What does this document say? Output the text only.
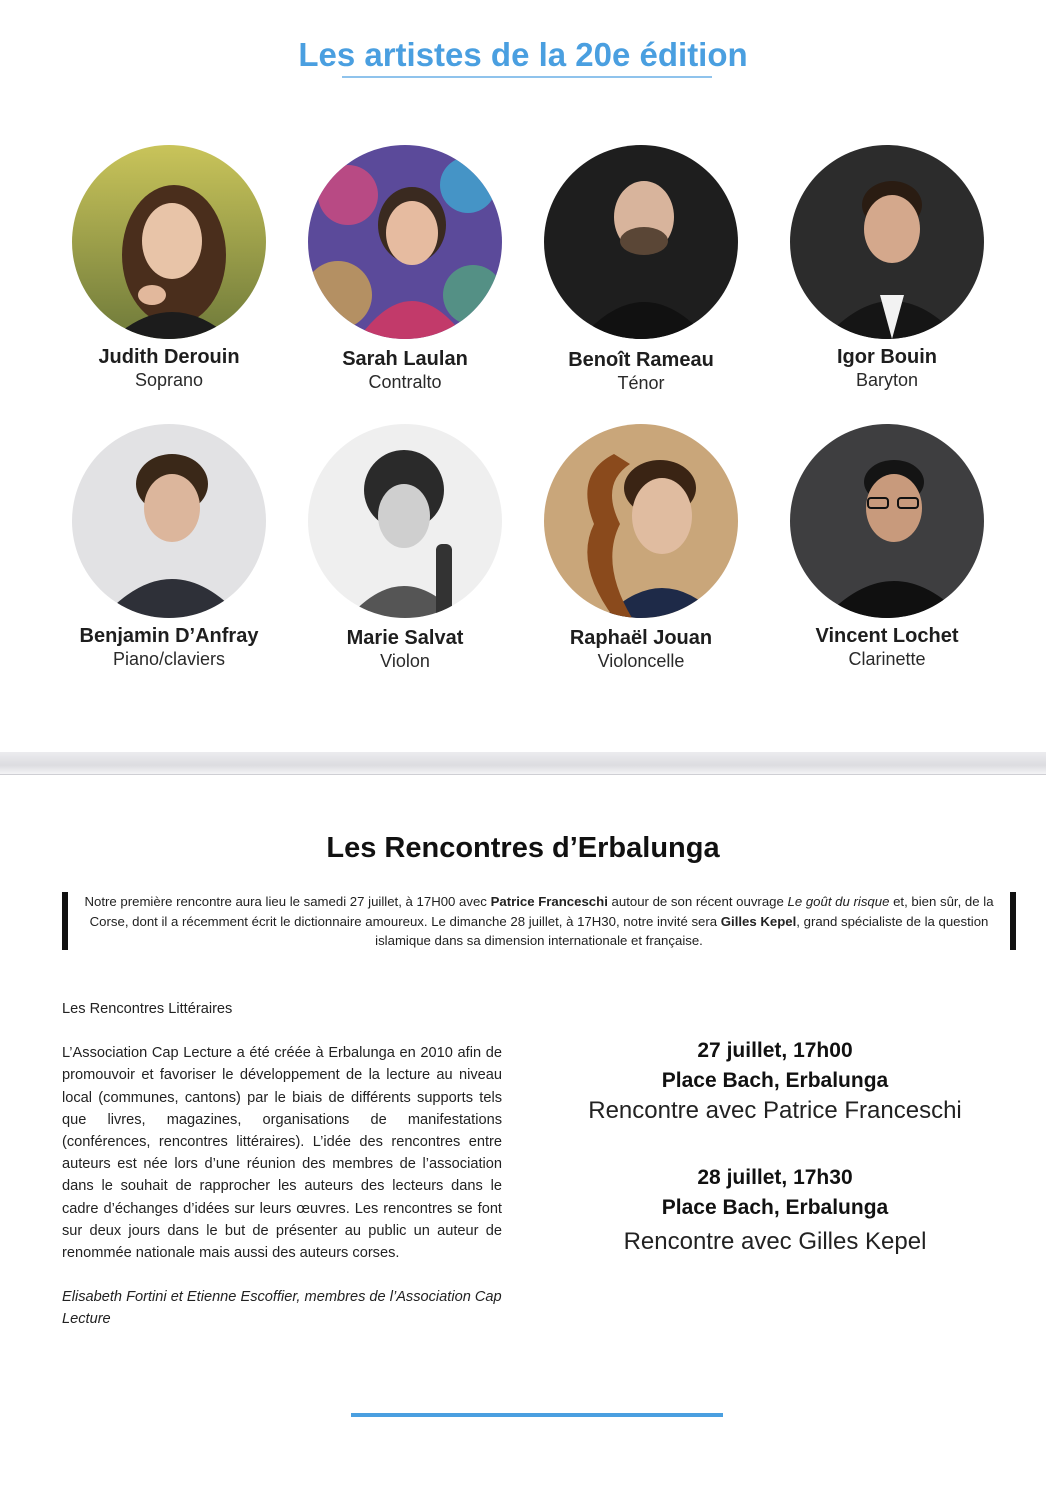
Les artistes de la 20e édition
Judith Derouin
Soprano
Sarah Laulan
Contralto
Benoît Rameau
Ténor
Igor Bouin
Baryton
Benjamin D’Anfray
Piano/claviers
Marie Salvat
Violon
Raphaël Jouan
Violoncelle
Vincent Lochet
Clarinette
Les Rencontres d’Erbalunga

Notre première rencontre aura lieu le samedi 27 juillet, à 17H00 avec Patrice Franceschi autour de son récent ouvrage Le goût du risque et, bien sûr, de la Corse, dont il a récemment écrit le dictionnaire amoureux. Le dimanche 28 juillet, à 17H30, notre invité sera Gilles Kepel, grand spécialiste de la question islamique dans sa dimension internationale et française.

Les Rencontres Littéraires

L’Association Cap Lecture a été créée à Erbalunga en 2010 afin de promouvoir et favoriser le développement de la lecture au niveau local (communes, cantons) par le biais de différents supports tels que livres, magazines, organisations de manifestations (conférences, rencontres littéraires). L’idée des rencontres entre auteurs est née lors d’une réunion des membres de l’association dans le souhait de rapprocher les auteurs des lecteurs dans le cadre d’échanges d’idées sur leurs œuvres. Les rencontres se font sur deux jours dans le but de présenter au public un auteur de renommée nationale mais aussi des auteurs corses.

Elisabeth Fortini et Etienne Escoffier, membres de l’Association Cap Lecture

27 juillet, 17h00
Place Bach, Erbalunga
Rencontre avec Patrice Franceschi
28 juillet, 17h30
Place Bach, Erbalunga
Rencontre avec Gilles Kepel
